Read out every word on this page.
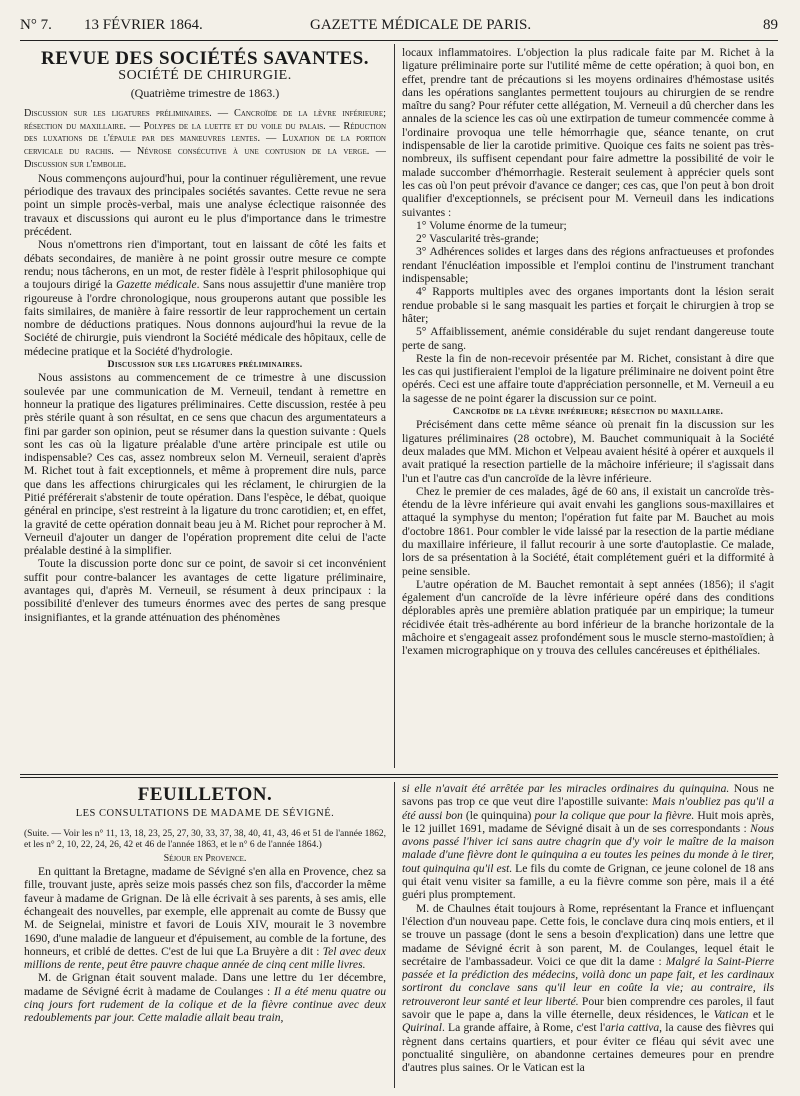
N° 7. 13 FÉVRIER 1864.	GAZETTE MÉDICALE DE PARIS.	89
REVUE DES SOCIÉTÉS SAVANTES.
SOCIÉTÉ DE CHIRURGIE.
(Quatrième trimestre de 1863.)

Discussion sur les ligatures préliminaires. — Cancroïde de la lèvre inférieure; résection du maxillaire. — Polypes de la luette et du voile du palais. — Réduction des luxations de l'épaule par des manœuvres lentes. — Luxation de la portion cervicale du rachis. — Névrose consécutive à une contusion de la verge. — Discussion sur l'embolie.

Nous commençons aujourd'hui, pour la continuer régulièrement, une revue périodique des travaux des principales sociétés savantes. Cette revue ne sera point un simple procès-verbal, mais une analyse éclectique raisonnée des travaux et discussions qui auront eu le plus d'importance dans le trimestre précédent.

Nous n'omettrons rien d'important, tout en laissant de côté les faits et débats secondaires, de manière à ne point grossir outre mesure ce compte rendu; nous tâcherons, en un mot, de rester fidèle à l'esprit philosophique qui a toujours dirigé la Gazette médicale. Sans nous assujettir d'une manière trop rigoureuse à l'ordre chronologique, nous grouperons autant que possible les faits similaires, de manière à faire ressortir de leur rapprochement un certain nombre de déductions pratiques. Nous donnons aujourd'hui la revue de la Société de chirurgie, puis viendront la Société médicale des hôpitaux, celle de médecine pratique et la Société d'hydrologie.

Discussion sur les ligatures préliminaires.

Nous assistons au commencement de ce trimestre à une discussion soulevée par une communication de M. Verneuil, tendant à remettre en honneur la pratique des ligatures préliminaires. Cette discussion, restée à peu près stérile quant à son résultat, en ce sens que chacun des argumentateurs a fini par garder son opinion, peut se résumer dans la question suivante : Quels sont les cas où la ligature préalable d'une artère principale est utile ou indispensable? Ces cas, assez nombreux selon M. Verneuil, seraient d'après M. Richet tout à fait exceptionnels, et même à proprement dire nuls, parce que dans les affections chirurgicales qui les réclament, le chirurgien de la Pitié préférerait s'abstenir de toute opération. Dans l'espèce, le débat, quoique général en principe, s'est restreint à la ligature du tronc carotidien; et, en effet, la gravité de cette opération donnait beau jeu à M. Richet pour reprocher à M. Verneuil d'ajouter un danger de l'opération proprement dite celui de l'acte préalable destiné à la simplifier.

Toute la discussion porte donc sur ce point, de savoir si cet inconvénient suffit pour contre-balancer les avantages de cette ligature préliminaire, avantages qui, d'après M. Verneuil, se résument à deux principaux : la possibilité d'enlever des tumeurs énormes avec des pertes de sang presque insignifiantes, et la grande atténuation des phénomènes

locaux inflammatoires. L'objection la plus radicale faite par M. Richet à la ligature préliminaire porte sur l'utilité même de cette opération; à quoi bon, en effet, prendre tant de précautions si les moyens ordinaires d'hémostase usités dans les opérations sanglantes permettent toujours au chirurgien de se rendre maître du sang? Pour réfuter cette allégation, M. Verneuil a dû chercher dans les annales de la science les cas où une extirpation de tumeur commencée comme à l'ordinaire provoqua une telle hémorrhagie que, séance tenante, on crut indispensable de lier la carotide primitive. Quoique ces faits ne soient pas très-nombreux, ils suffisent cependant pour faire admettre la possibilité de voir le malade succomber d'hémorrhagie. Resterait seulement à apprécier quels sont les cas où l'on peut prévoir d'avance ce danger; ces cas, que l'on peut à bon droit qualifier d'exceptionnels, se précisent pour M. Verneuil dans les indications suivantes :

1° Volume énorme de la tumeur;

2° Vascularité très-grande;

3° Adhérences solides et larges dans des régions anfractueuses et profondes rendant l'énucléation impossible et l'emploi continu de l'instrument tranchant indispensable;

4° Rapports multiples avec des organes importants dont la lésion serait rendue probable si le sang masquait les parties et forçait le chirurgien à trop se hâter;

5° Affaiblissement, anémie considérable du sujet rendant dangereuse toute perte de sang.

Reste la fin de non-recevoir présentée par M. Richet, consistant à dire que les cas qui justifieraient l'emploi de la ligature préliminaire ne doivent point être opérés. Ceci est une affaire toute d'appréciation personnelle, et M. Verneuil a eu la sagesse de ne point égarer la discussion sur ce point.

Cancroïde de la lèvre inférieure; résection du maxillaire.

Précisément dans cette même séance où prenait fin la discussion sur les ligatures préliminaires (28 octobre), M. Bauchet communiquait à la Société deux malades que MM. Michon et Velpeau avaient hésité à opérer et auxquels il avait pratiqué la resection partielle de la mâchoire inférieure; il s'agissait dans l'un et l'autre cas d'un cancroïde de la lèvre inférieure.

Chez le premier de ces malades, âgé de 60 ans, il existait un cancroïde très-étendu de la lèvre inférieure qui avait envahi les ganglions sous-maxillaires et attaqué la symphyse du menton; l'opération fut faite par M. Bauchet au mois d'octobre 1861. Pour combler le vide laissé par la resection de la partie médiane du maxillaire inférieure, il fallut recourir à une sorte d'autoplastie. Ce malade, lors de sa présentation à la Société, était complétement guéri et la difformité à peine sensible.

L'autre opération de M. Bauchet remontait à sept années (1856); il s'agit également d'un cancroïde de la lèvre inférieure opéré dans des conditions déplorables après une première ablation pratiquée par un empirique; la tumeur récidivée était très-adhérente au bord inférieur de la branche horizontale de la mâchoire et s'engageait assez profondément sous le muscle sterno-mastoïdien; à l'examen micrographique on y trouva des cellules cancéreuses et épithéliales.

FEUILLETON.
LES CONSULTATIONS DE MADAME DE SÉVIGNÉ.

(Suite. — Voir les n° 11, 13, 18, 23, 25, 27, 30, 33, 37, 38, 40, 41, 43, 46 et 51 de l'année 1862, et les n° 2, 10, 22, 24, 26, 42 et 46 de l'année 1863, et le n° 6 de l'année 1864.)

Séjour en Provence.

En quittant la Bretagne, madame de Sévigné s'en alla en Provence, chez sa fille, trouvant juste, après seize mois passés chez son fils, d'accorder la même faveur à madame de Grignan. De là elle écrivait à ses parents, à ses amis, elle échangeait des nouvelles, par exemple, elle apprenait au comte de Bussy que M. de Seignelai, ministre et favori de Louis XIV, mourait le 3 novembre 1690, d'une maladie de langueur et d'épuisement, au comble de la fortune, des honneurs, et criblé de dettes. C'est de lui que La Bruyère a dit : Tel avec deux millions de rente, peut être pauvre chaque année de cinq cent mille livres.

M. de Grignan était souvent malade. Dans une lettre du 1er décembre, madame de Sévigné écrit à madame de Coulanges : Il a été menu quatre ou cinq jours fort rudement de la colique et de la fièvre continue avec deux redoublements par jour. Cette maladie allait beau train,

si elle n'avait été arrêtée par les miracles ordinaires du quinquina. Nous ne savons pas trop ce que veut dire l'apostille suivante: Mais n'oubliez pas qu'il a été aussi bon (le quinquina) pour la colique que pour la fièvre. Huit mois après, le 12 juillet 1691, madame de Sévigné disait à un de ses correspondants : Nous avons passé l'hiver ici sans autre chagrin que d'y voir le maître de la maison malade d'une fièvre dont le quinquina a eu toutes les peines du monde à le tirer, tout quinquina qu'il est. Le fils du comte de Grignan, ce jeune colonel de 18 ans qui était venu visiter sa famille, a eu la fièvre comme son père, mais il a été guéri plus promptement.

M. de Chaulnes était toujours à Rome, représentant la France et influençant l'élection d'un nouveau pape. Cette fois, le conclave dura cinq mois entiers, et il se trouve un passage (dont le sens a besoin d'explication) dans une lettre que madame de Sévigné écrit à son parent, M. de Coulanges, lequel était le secrétaire de l'ambassadeur. Voici ce que dit la dame : Malgré la Saint-Pierre passée et la prédiction des médecins, voilà donc un pape fait, et les cardinaux sortiront du conclave sans qu'il leur en coûte la vie; au contraire, ils retrouveront leur santé et leur liberté. Pour bien comprendre ces paroles, il faut savoir que le pape a, dans la ville éternelle, deux résidences, le Vatican et le Quirinal. La grande affaire, à Rome, c'est l'aria cattiva, la cause des fièvres qui règnent dans certains quartiers, et pour éviter ce fléau qui sévit avec une ponctualité singulière, on abandonne certaines demeures pour en prendre d'autres plus saines. Or le Vatican est la
